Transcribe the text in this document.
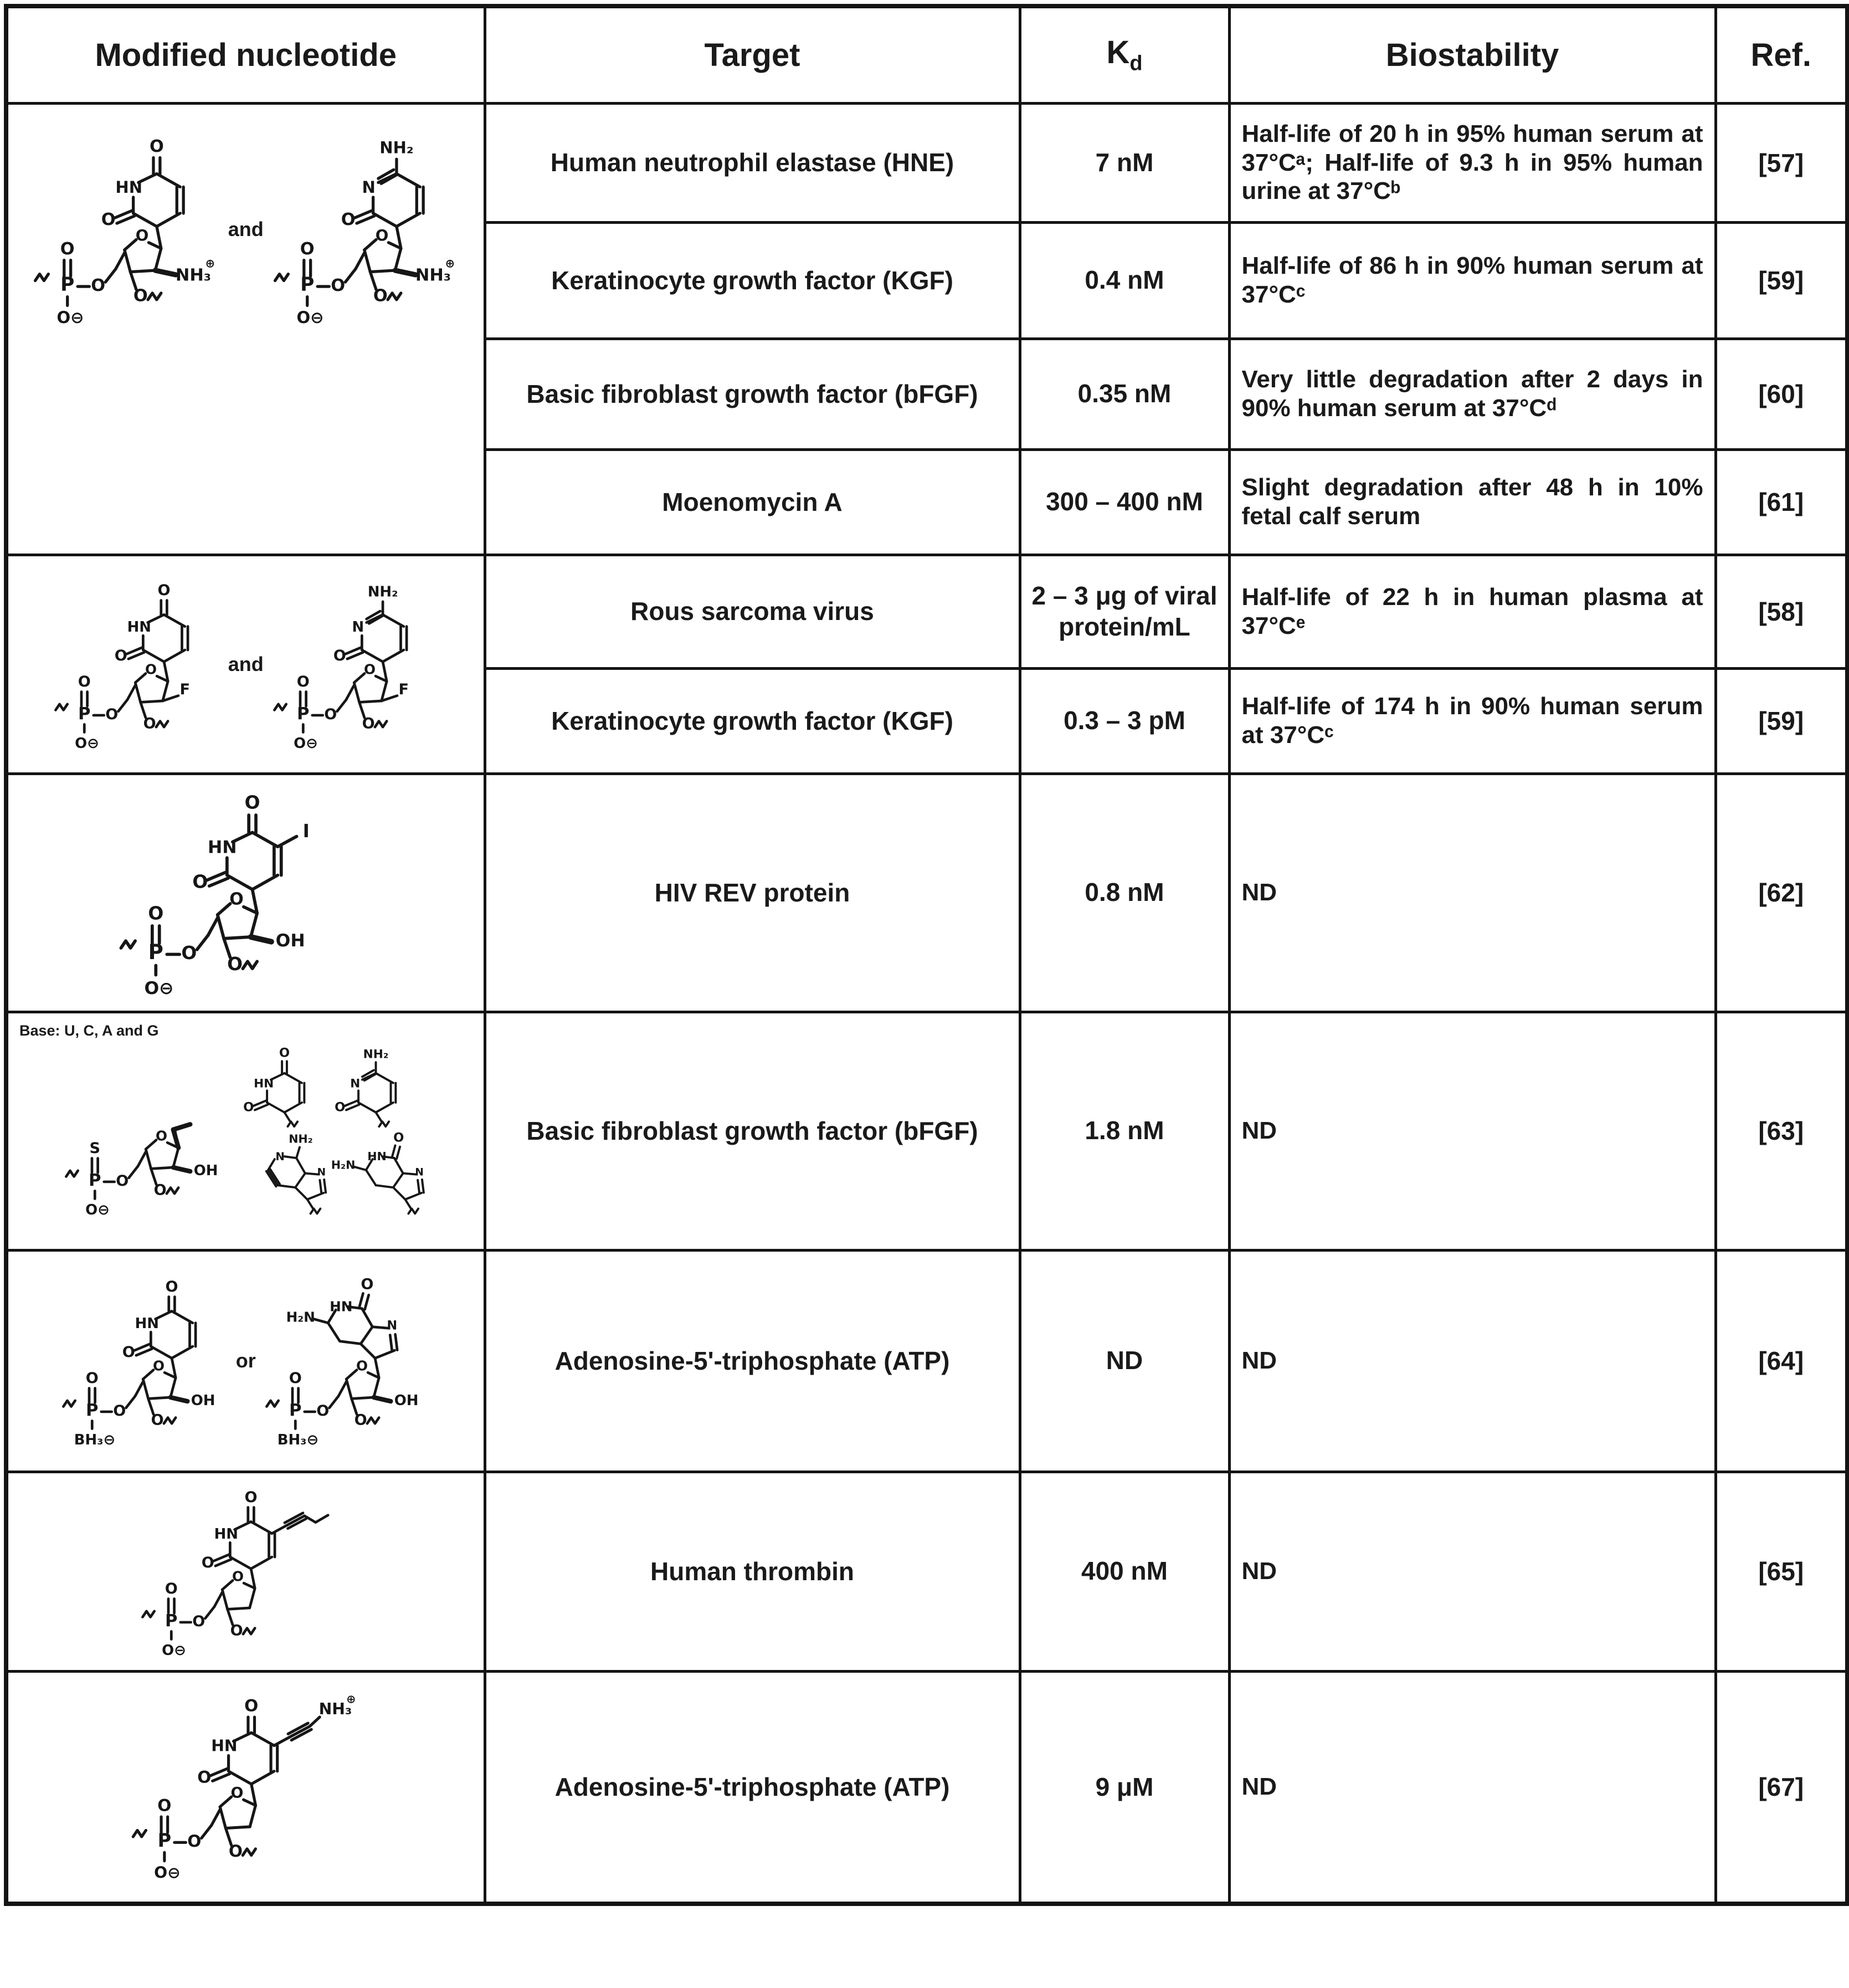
Modified nucleotide	Target	$K_d$	Biostability	Ref.

P
O
O⊖
O
O
O
NH₃
⊕
HN
O
O
and
P
O
O⊖
O
O
O
NH₃
⊕
N
O
NH₂
	Human neutrophil elastase (HNE)	7 nM	Half-life of 20 h in 95% human serum at 37°Cᵃ; Half-life of 9.3 h in 95% human urine at 37°Cᵇ	[57]
	Keratinocyte growth factor (KGF)	0.4 nM	Half-life of 86 h in 90% human serum at 37°Cᶜ	[59]
	Basic fibroblast growth factor (bFGF)	0.35 nM	Very little degradation after 2 days in 90% human serum at 37°Cᵈ	[60]
	Moenomycin A	300 – 400 nM	Slight degradation after 48 h in 10% fetal calf serum	[61]

P
O
O⊖
O
O
O
F
HN
O
O
and
P
O
O⊖
O
O
O
F
N
O
NH₂
	Rous sarcoma virus	2 – 3 μg of viral protein/mL	Half-life of 22 h in human plasma at 37°Cᵉ	[58]
	Keratinocyte growth factor (KGF)	0.3 – 3 pM	Half-life of 174 h in 90% human serum at 37°Cᶜ	[59]

P
O
O⊖
O
O
O
OH
HN
O
O
I
	HIV REV protein	0.8 nM	ND	[62]

Base: U, C, A and G
P
S
O⊖
O
O
O
OH
HN
O
O
N
O
NH₂
N
NH₂
N
N
O
HN
H₂N
	Basic fibroblast growth factor (bFGF)	1.8 nM	ND	[63]

P
O
BH₃⊖
O
O
O
OH
HN
O
O
or
P
O
BH₃⊖
O
O
O
OH
N
O
HN
H₂N
	Adenosine-5'-triphosphate (ATP)	ND	ND	[64]

P
O
O⊖
O
O
O
HN
O
O
	Human thrombin	400 nM	ND	[65]

P
O
O⊖
O
O
O
HN
O
O	NH₃
⊕
	Adenosine-5'-triphosphate (ATP)	9 μM	ND	[67]
